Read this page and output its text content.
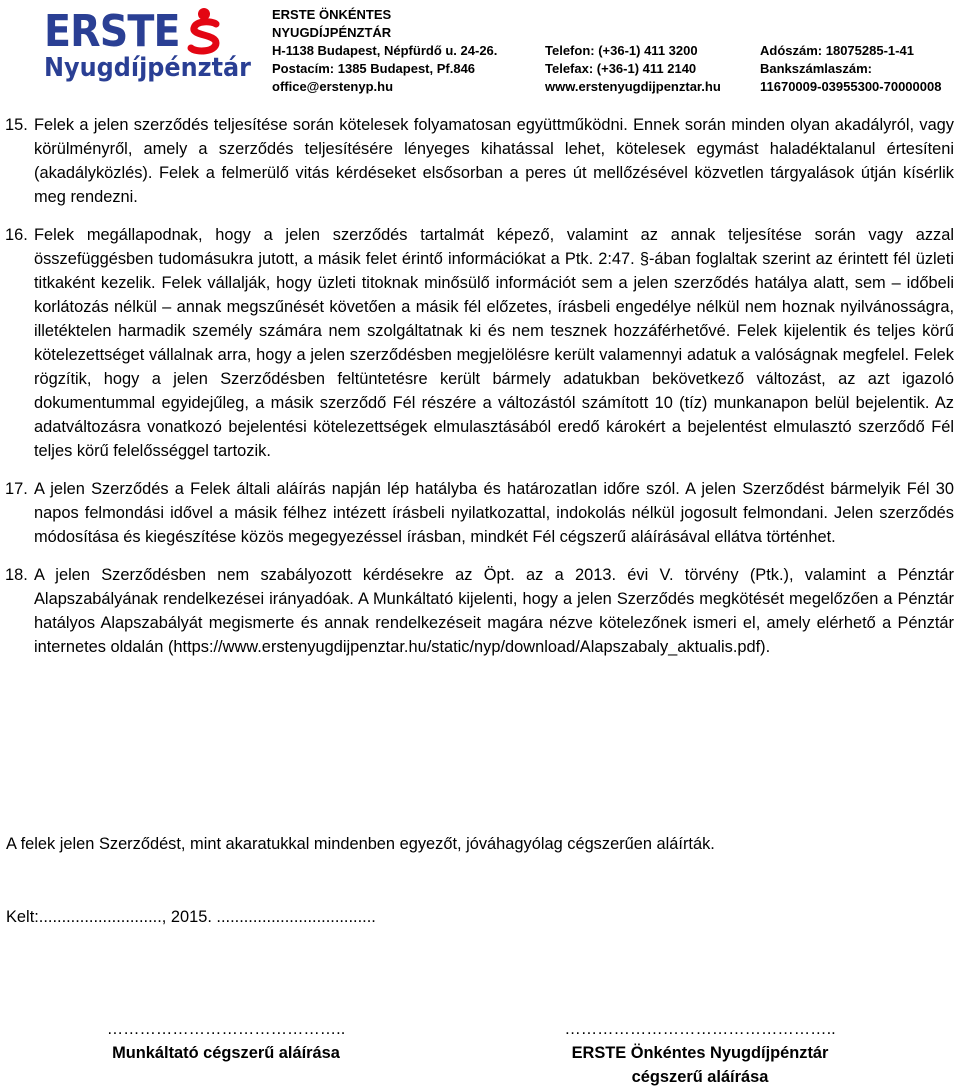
ERSTE
Nyugdíjpénztár
ERSTE ÖNKÉNTES
NYUGDÍJPÉNZTÁR
H-1138 Budapest, Népfürdő u. 24-26.
Postacím: 1385 Budapest, Pf.846
office@erstenyp.hu
Telefon: (+36-1) 411 3200
Telefax: (+36-1) 411 2140
www.erstenyugdijpenztar.hu
Adószám: 18075285-1-41
Bankszámlaszám:
11670009-03955300-70000008
15. Felek a jelen szerződés teljesítése során kötelesek folyamatosan együttműködni. Ennek során minden olyan akadályról, vagy körülményről, amely a szerződés teljesítésére lényeges kihatással lehet, kötelesek egymást haladéktalanul értesíteni (akadályközlés). Felek a felmerülő vitás kérdéseket elsősorban a peres út mellőzésével közvetlen tárgyalások útján kísérlik meg rendezni.
16. Felek megállapodnak, hogy a jelen szerződés tartalmát képező, valamint az annak teljesítése során vagy azzal összefüggésben tudomásukra jutott, a másik felet érintő információkat a Ptk. 2:47. §-ában foglaltak szerint az érintett fél üzleti titkaként kezelik. Felek vállalják, hogy üzleti titoknak minősülő információt sem a jelen szerződés hatálya alatt, sem – időbeli korlátozás nélkül – annak megszűnését követően a másik fél előzetes, írásbeli engedélye nélkül nem hoznak nyilvánosságra, illetéktelen harmadik személy számára nem szolgáltatnak ki és nem tesznek hozzáférhetővé. Felek kijelentik és teljes körű kötelezettséget vállalnak arra, hogy a jelen szerződésben megjelölésre került valamennyi adatuk a valóságnak megfelel. Felek rögzítik, hogy a jelen Szerződésben feltüntetésre került bármely adatukban bekövetkező változást, az azt igazoló dokumentummal egyidejűleg, a másik szerződő Fél részére a változástól számított 10 (tíz) munkanapon belül bejelentik. Az adatváltozásra vonatkozó bejelentési kötelezettségek elmulasztásából eredő károkért a bejelentést elmulasztó szerződő Fél teljes körű felelősséggel tartozik.
17. A jelen Szerződés a Felek általi aláírás napján lép hatályba és határozatlan időre szól. A jelen Szerződést bármelyik Fél 30 napos felmondási idővel a másik félhez intézett írásbeli nyilatkozattal, indokolás nélkül jogosult felmondani. Jelen szerződés módosítása és kiegészítése közös megegyezéssel írásban, mindkét Fél cégszerű aláírásával ellátva történhet.
18. A jelen Szerződésben nem szabályozott kérdésekre az Öpt. az a 2013. évi V. törvény (Ptk.), valamint a Pénztár Alapszabályának rendelkezései irányadóak. A Munkáltató kijelenti, hogy a jelen Szerződés megkötését megelőzően a Pénztár hatályos Alapszabályát megismerte és annak rendelkezéseit magára nézve kötelezőnek ismeri el, amely elérhető a Pénztár internetes oldalán (https://www.erstenyugdijpenztar.hu/static/nyp/download/Alapszabaly_aktualis.pdf).
A felek jelen Szerződést, mint akaratukkal mindenben egyezőt, jóváhagyólag cégszerűen aláírták.
Kelt:..........................., 2015. ...................................
……………………………………..
Munkáltató cégszerű aláírása
…………………………………………..
ERSTE Önkéntes Nyugdíjpénztár
cégszerű aláírása
